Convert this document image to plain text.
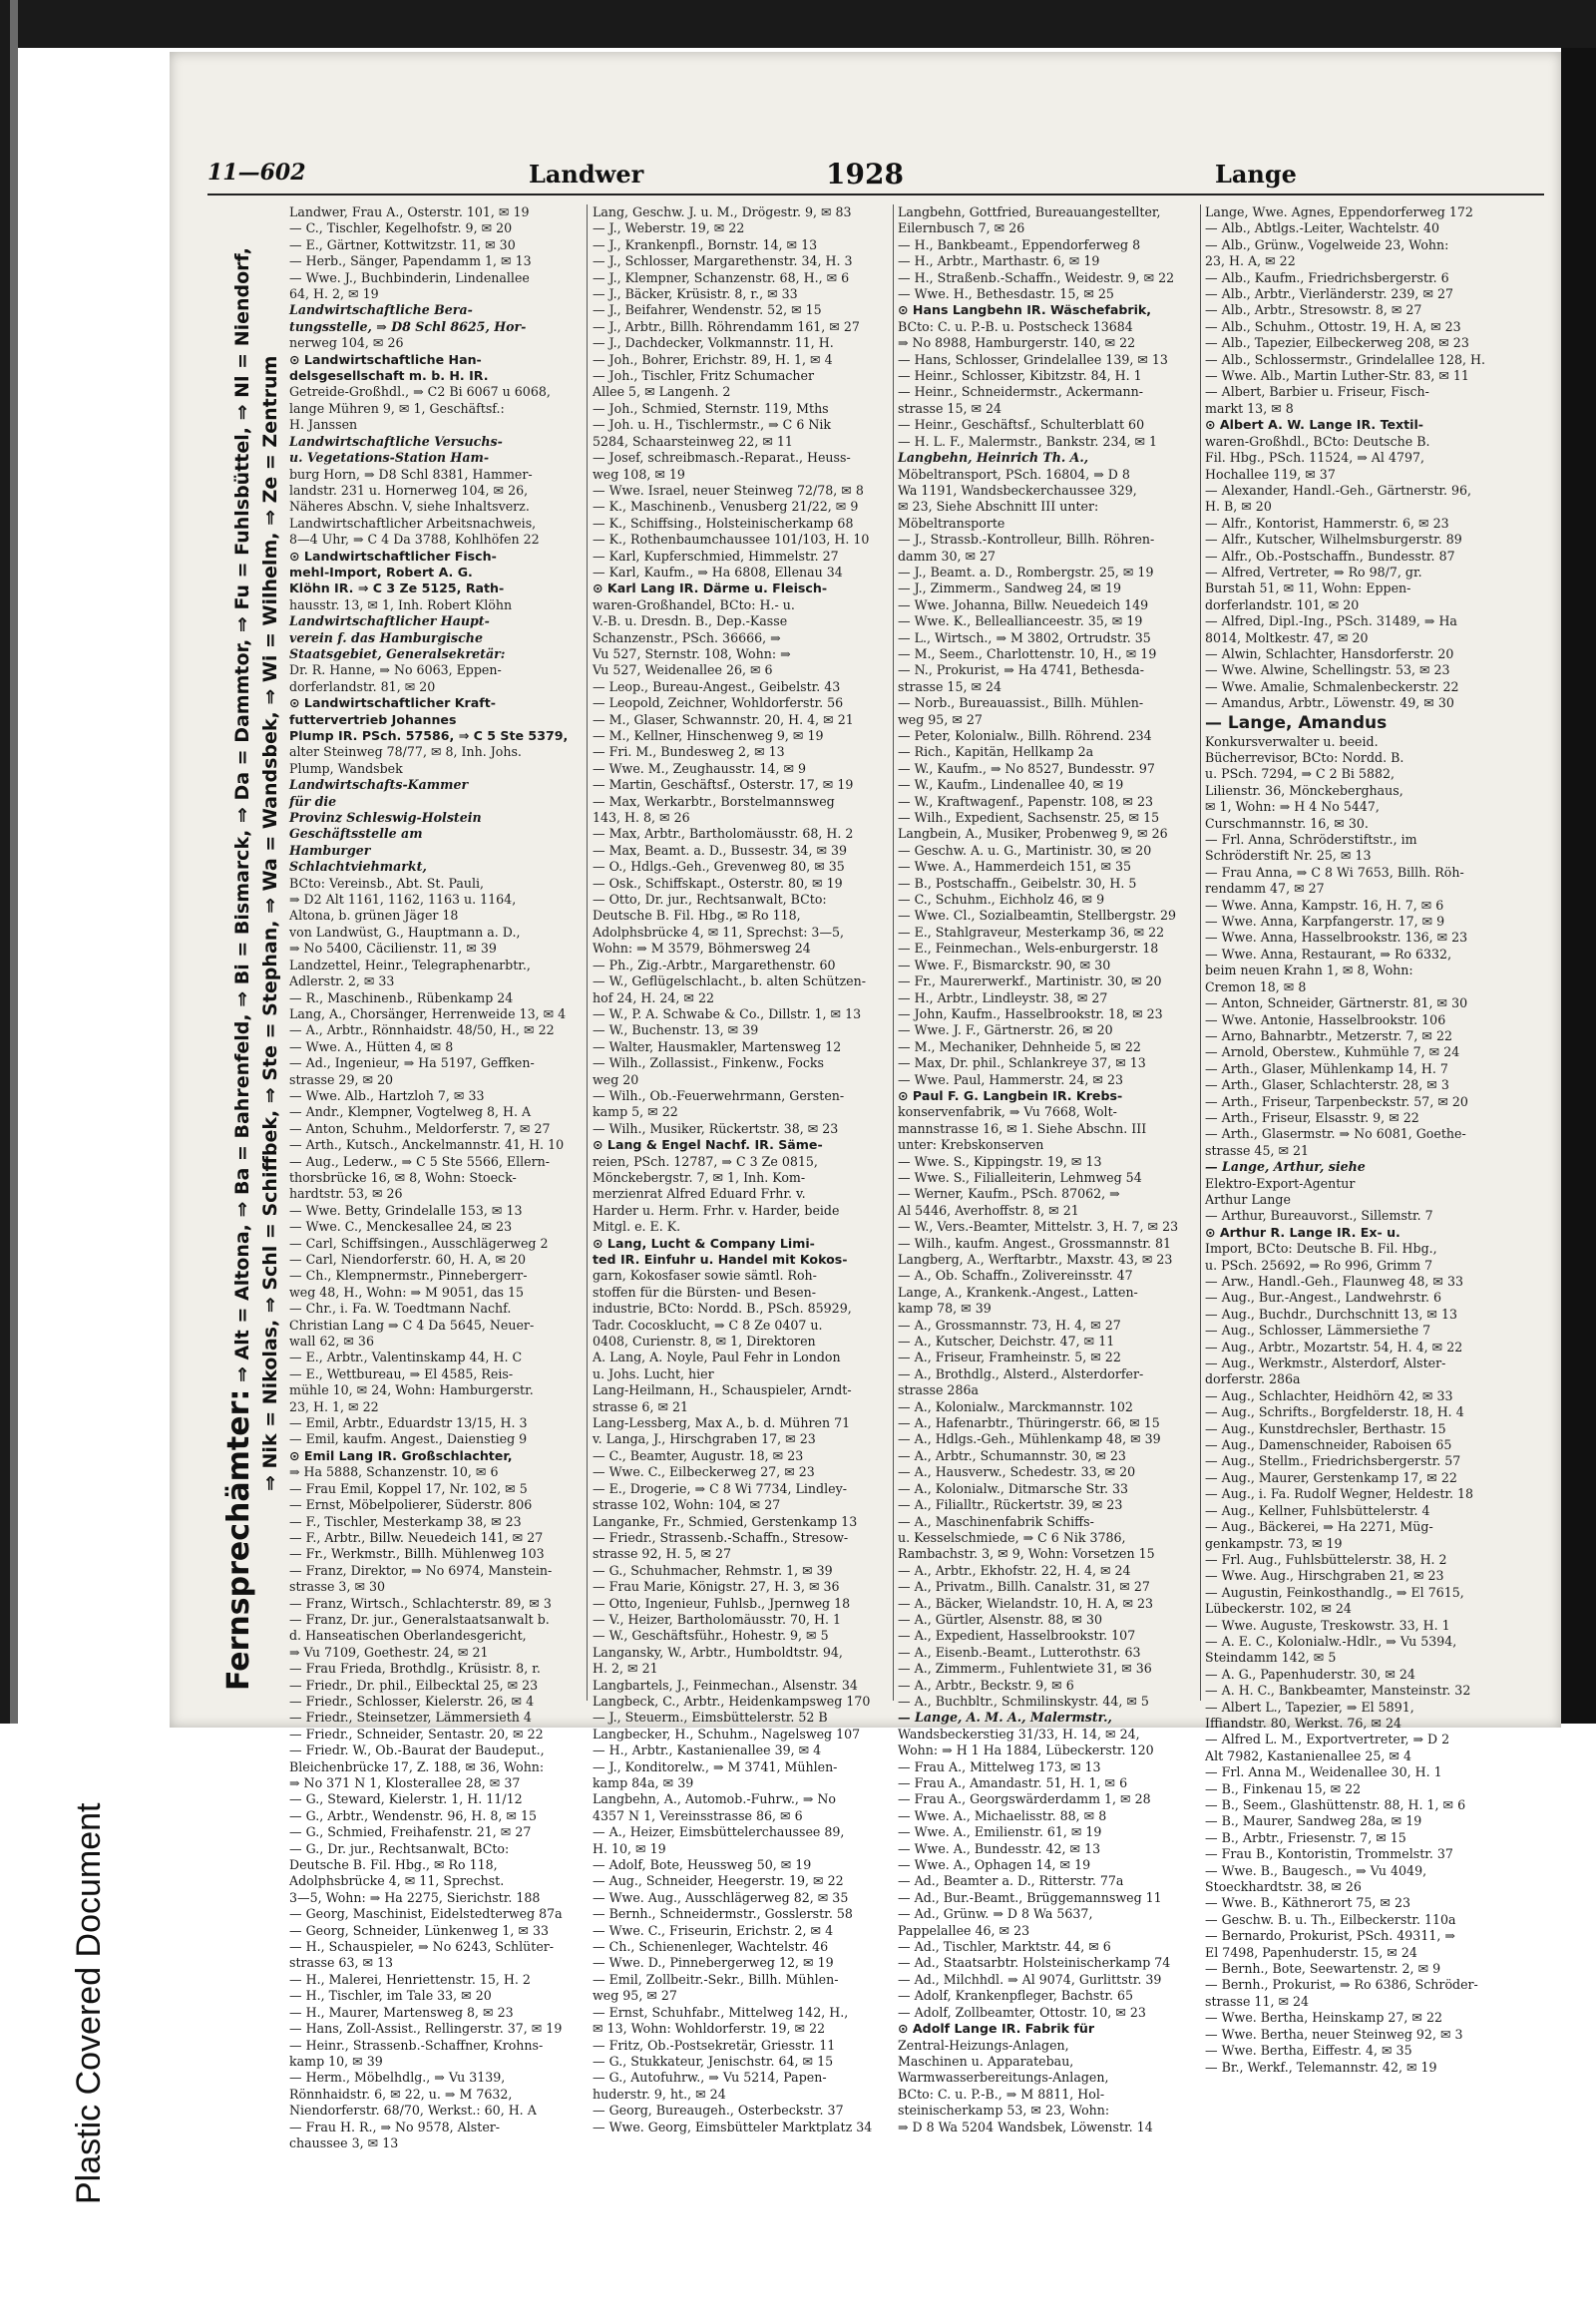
Plastic Covered Document
11—602	Landwer	1928	Lange
Fernsprechämter: ⇒ Alt = Altona, ⇒ Ba = Bahrenfeld, ⇒ Bi = Bismarck, ⇒ Da = Dammtor, ⇒ Fu = Fuhlsbüttel, ⇒ Nl = Niendorf, ⇒ Nik = Nikolas, ⇒ Schl = Schiffbek, ⇒ Ste = Stephan, ⇒ Wa = Wandsbek, ⇒ Wi = Wilhelm, ⇒ Ze = Zentrum
Landwer, Frau A., Osterstr. 101, ✉ 19
— C., Tischler, Kegelhofstr. 9, ✉ 20
— E., Gärtner, Kottwitzstr. 11, ✉ 30
— Herb., Sänger, Papendamm 1, ✉ 13
— Wwe. J., Buchbinderin, Lindenallee
64, H. 2, ✉ 19
Landwirtschaftliche Bera-
tungsstelle, ⇒ D8 Schl 8625, Hor-
nerweg 104, ✉ 26
⊙ Landwirtschaftliche Han-
delsgesellschaft m. b. H. IR.
Getreide-Großhdl., ⇒ C2 Bi 6067 u 6068,
lange Mühren 9, ✉ 1, Geschäftsf.:
H. Janssen
Landwirtschaftliche Versuchs-
u. Vegetations-Station Ham-
burg Horn, ⇒ D8 Schl 8381, Hammer-
landstr. 231 u. Hornerweg 104, ✉ 26,
Näheres Abschn. V, siehe Inhaltsverz.
Landwirtschaftlicher Arbeitsnachweis,
8—4 Uhr, ⇒ C 4 Da 3788, Kohlhöfen 22
⊙ Landwirtschaftlicher Fisch-
mehl-Import, Robert A. G.
Klöhn IR. ⇒ C 3 Ze 5125, Rath-
hausstr. 13, ✉ 1, Inh. Robert Klöhn
Landwirtschaftlicher Haupt-
verein f. das Hamburgische
Staatsgebiet, Generalsekretär:
Dr. R. Hanne, ⇒ No 6063, Eppen-
dorferlandstr. 81, ✉ 20
⊙ Landwirtschaftlicher Kraft-
futtervertrieb Johannes
Plump IR. PSch. 57586, ⇒ C 5 Ste 5379,
alter Steinweg 78/77, ✉ 8, Inh. Johs.
Plump, Wandsbek
Landwirtschafts-Kammer
für die
Provinz Schleswig-Holstein
Geschäftsstelle am
Hamburger
Schlachtviehmarkt,
BCto: Vereinsb., Abt. St. Pauli,
⇒ D2 Alt 1161, 1162, 1163 u. 1164,
Altona, b. grünen Jäger 18
von Landwüst, G., Hauptmann a. D.,
⇒ No 5400, Cäcilienstr. 11, ✉ 39
Landzettel, Heinr., Telegraphenarbtr.,
Adlerstr. 2, ✉ 33
— R., Maschinenb., Rübenkamp 24
Lang, A., Chorsänger, Herrenweide 13, ✉ 4
— A., Arbtr., Rönnhaidstr. 48/50, H., ✉ 22
— Wwe. A., Hütten 4, ✉ 8
— Ad., Ingenieur, ⇒ Ha 5197, Geffken-
strasse 29, ✉ 20
— Wwe. Alb., Hartzloh 7, ✉ 33
— Andr., Klempner, Vogtelweg 8, H. A
— Anton, Schuhm., Meldorferstr. 7, ✉ 27
— Arth., Kutsch., Anckelmannstr. 41, H. 10
— Aug., Lederw., ⇒ C 5 Ste 5566, Ellern-
thorsbrücke 16, ✉ 8, Wohn: Stoeck-
hardtstr. 53, ✉ 26
— Wwe. Betty, Grindelalle 153, ✉ 13
— Wwe. C., Menckesallee 24, ✉ 23
— Carl, Schiffsingen., Ausschlägerweg 2
— Carl, Niendorferstr. 60, H. A, ✉ 20
— Ch., Klempnermstr., Pinnebergerr-
weg 48, H., Wohn: ⇒ M 9051, das 15
— Chr., i. Fa. W. Toedtmann Nachf.
Christian Lang ⇒ C 4 Da 5645, Neuer-
wall 62, ✉ 36
— E., Arbtr., Valentinskamp 44, H. C
— E., Wettbureau, ⇒ El 4585, Reis-
mühle 10, ✉ 24, Wohn: Hamburgerstr.
23, H. 1, ✉ 22
— Emil, Arbtr., Eduardstr 13/15, H. 3
— Emil, kaufm. Angest., Daienstieg 9
⊙ Emil Lang IR. Großschlachter,
⇒ Ha 5888, Schanzenstr. 10, ✉ 6
— Frau Emil, Koppel 17, Nr. 102, ✉ 5
— Ernst, Möbelpolierer, Süderstr. 806
— F., Tischler, Mesterkamp 38, ✉ 23
— F., Arbtr., Billw. Neuedeich 141, ✉ 27
— Fr., Werkmstr., Billh. Mühlenweg 103
— Franz, Direktor, ⇒ No 6974, Manstein-
strasse 3, ✉ 30
— Franz, Wirtsch., Schlachterstr. 89, ✉ 3
— Franz, Dr. jur., Generalstaatsanwalt b.
d. Hanseatischen Oberlandesgericht,
⇒ Vu 7109, Goethestr. 24, ✉ 21
— Frau Frieda, Brothdlg., Krüsistr. 8, r.
— Friedr., Dr. phil., Eilbecktal 25, ✉ 23
— Friedr., Schlosser, Kielerstr. 26, ✉ 4
— Friedr., Steinsetzer, Lämmersieth 4
— Friedr., Schneider, Sentastr. 20, ✉ 22
— Friedr. W., Ob.-Baurat der Baudeput.,
Bleichenbrücke 17, Z. 188, ✉ 36, Wohn:
⇒ No 371 N 1, Klosterallee 28, ✉ 37
— G., Steward, Kielerstr. 1, H. 11/12
— G., Arbtr., Wendenstr. 96, H. 8, ✉ 15
— G., Schmied, Freihafenstr. 21, ✉ 27
— G., Dr. jur., Rechtsanwalt, BCto:
Deutsche B. Fil. Hbg., ✉ Ro 118,
Adolphsbrücke 4, ✉ 11, Sprechst.
3—5, Wohn: ⇒ Ha 2275, Sierichstr. 188
— Georg, Maschinist, Eidelstedterweg 87a
— Georg, Schneider, Lünkenweg 1, ✉ 33
— H., Schauspieler, ⇒ No 6243, Schlüter-
strasse 63, ✉ 13
— H., Malerei, Henriettenstr. 15, H. 2
— H., Tischler, im Tale 33, ✉ 20
— H., Maurer, Martensweg 8, ✉ 23
— Hans, Zoll-Assist., Rellingerstr. 37, ✉ 19
— Heinr., Strassenb.-Schaffner, Krohns-
kamp 10, ✉ 39
— Herm., Möbelhdlg., ⇒ Vu 3139,
Rönnhaidstr. 6, ✉ 22, u. ⇒ M 7632,
Niendorferstr. 68/70, Werkst.: 60, H. A
— Frau H. R., ⇒ No 9578, Alster-
chaussee 3, ✉ 13
Lang, Geschw. J. u. M., Drögestr. 9, ✉ 83
— J., Weberstr. 19, ✉ 22
— J., Krankenpfl., Bornstr. 14, ✉ 13
— J., Schlosser, Margarethenstr. 34, H. 3
— J., Klempner, Schanzenstr. 68, H., ✉ 6
— J., Bäcker, Krüsistr. 8, r., ✉ 33
— J., Beifahrer, Wendenstr. 52, ✉ 15
— J., Arbtr., Billh. Röhrendamm 161, ✉ 27
— J., Dachdecker, Volkmannstr. 11, H.
— Joh., Bohrer, Erichstr. 89, H. 1, ✉ 4
— Joh., Tischler, Fritz Schumacher
Allee 5, ✉ Langenh. 2
— Joh., Schmied, Sternstr. 119, Mths
— Joh. u. H., Tischlermstr., ⇒ C 6 Nik
5284, Schaarsteinweg 22, ✉ 11
— Josef, schreibmasch.-Reparat., Heuss-
weg 108, ✉ 19
— Wwe. Israel, neuer Steinweg 72/78, ✉ 8
— K., Maschinenb., Venusberg 21/22, ✉ 9
— K., Schiffsing., Holsteinischerkamp 68
— K., Rothenbaumchaussee 101/103, H. 10
— Karl, Kupferschmied, Himmelstr. 27
— Karl, Kaufm., ⇒ Ha 6808, Ellenau 34
⊙ Karl Lang IR. Därme u. Fleisch-
waren-Großhandel, BCto: H.- u.
V.-B. u. Dresdn. B., Dep.-Kasse
Schanzenstr., PSch. 36666, ⇒
Vu 527, Sternstr. 108, Wohn: ⇒
Vu 527, Weidenallee 26, ✉ 6
— Leop., Bureau-Angest., Geibelstr. 43
— Leopold, Zeichner, Wohldorferstr. 56
— M., Glaser, Schwannstr. 20, H. 4, ✉ 21
— M., Kellner, Hinschenweg 9, ✉ 19
— Fri. M., Bundesweg 2, ✉ 13
— Wwe. M., Zeughausstr. 14, ✉ 9
— Martin, Geschäftsf., Osterstr. 17, ✉ 19
— Max, Werkarbtr., Borstelmannsweg
143, H. 8, ✉ 26
— Max, Arbtr., Bartholomäusstr. 68, H. 2
— Max, Beamt. a. D., Bussestr. 34, ✉ 39
— O., Hdlgs.-Geh., Grevenweg 80, ✉ 35
— Osk., Schiffskapt., Osterstr. 80, ✉ 19
— Otto, Dr. jur., Rechtsanwalt, BCto:
Deutsche B. Fil. Hbg., ✉ Ro 118,
Adolphsbrücke 4, ✉ 11, Sprechst: 3—5,
Wohn: ⇒ M 3579, Böhmersweg 24
— Ph., Zig.-Arbtr., Margarethenstr. 60
— W., Geflügelschlacht., b. alten Schützen-
hof 24, H. 24, ✉ 22
— W., P. A. Schwabe & Co., Dillstr. 1, ✉ 13
— W., Buchenstr. 13, ✉ 39
— Walter, Hausmakler, Martensweg 12
— Wilh., Zollassist., Finkenw., Focks
weg 20
— Wilh., Ob.-Feuerwehrmann, Gersten-
kamp 5, ✉ 22
— Wilh., Musiker, Rückertstr. 38, ✉ 23
⊙ Lang & Engel Nachf. IR. Säme-
reien, PSch. 12787, ⇒ C 3 Ze 0815,
Mönckebergstr. 7, ✉ 1, Inh. Kom-
merzienrat Alfred Eduard Frhr. v.
Harder u. Herm. Frhr. v. Harder, beide
Mitgl. e. E. K.
⊙ Lang, Lucht & Company Limi-
ted IR. Einfuhr u. Handel mit Kokos-
garn, Kokosfaser sowie sämtl. Roh-
stoffen für die Bürsten- und Besen-
industrie, BCto: Nordd. B., PSch. 85929,
Tadr. Cocosklucht, ⇒ C 8 Ze 0407 u.
0408, Curienstr. 8, ✉ 1, Direktoren
A. Lang, A. Noyle, Paul Fehr in London
u. Johs. Lucht, hier
Lang-Heilmann, H., Schauspieler, Arndt-
strasse 6, ✉ 21
Lang-Lessberg, Max A., b. d. Mühren 71
v. Langa, J., Hirschgraben 17, ✉ 23
— C., Beamter, Augustr. 18, ✉ 23
— Wwe. C., Eilbeckerweg 27, ✉ 23
— E., Drogerie, ⇒ C 8 Wi 7734, Lindley-
strasse 102, Wohn: 104, ✉ 27
Langanke, Fr., Schmied, Gerstenkamp 13
— Friedr., Strassenb.-Schaffn., Stresow-
strasse 92, H. 5, ✉ 27
— G., Schuhmacher, Rehmstr. 1, ✉ 39
— Frau Marie, Königstr. 27, H. 3, ✉ 36
— Otto, Ingenieur, Fuhlsb., Jpernweg 18
— V., Heizer, Bartholomäusstr. 70, H. 1
— W., Geschäftsführ., Hohestr. 9, ✉ 5
Langansky, W., Arbtr., Humboldtstr. 94,
H. 2, ✉ 21
Langbartels, J., Feinmechan., Alsenstr. 34
Langbeck, C., Arbtr., Heidenkampsweg 170
— J., Steuerm., Eimsbüttelerstr. 52 B
Langbecker, H., Schuhm., Nagelsweg 107
— H., Arbtr., Kastanienallee 39, ✉ 4
— J., Konditorelw., ⇒ M 3741, Mühlen-
kamp 84a, ✉ 39
Langbehn, A., Automob.-Fuhrw., ⇒ No
4357 N 1, Vereinsstrasse 86, ✉ 6
— A., Heizer, Eimsbüttelerchaussee 89,
H. 10, ✉ 19
— Adolf, Bote, Heussweg 50, ✉ 19
— Aug., Schneider, Heegerstr. 19, ✉ 22
— Wwe. Aug., Ausschlägerweg 82, ✉ 35
— Bernh., Schneidermstr., Gosslerstr. 58
— Wwe. C., Friseurin, Erichstr. 2, ✉ 4
— Ch., Schienenleger, Wachtelstr. 46
— Wwe. D., Pinnebergerweg 12, ✉ 19
— Emil, Zollbeitr.-Sekr., Billh. Mühlen-
weg 95, ✉ 27
— Ernst, Schuhfabr., Mittelweg 142, H.,
✉ 13, Wohn: Wohldorferstr. 19, ✉ 22
— Fritz, Ob.-Postsekretär, Griesstr. 11
— G., Stukkateur, Jenischstr. 64, ✉ 15
— G., Autofuhrw., ⇒ Vu 5214, Papen-
huderstr. 9, ht., ✉ 24
— Georg, Bureaugeh., Osterbeckstr. 37
— Wwe. Georg, Eimsbütteler Marktplatz 34
Langbehn, Gottfried, Bureauangestellter,
Eilernbusch 7, ✉ 26
— H., Bankbeamt., Eppendorferweg 8
— H., Arbtr., Marthastr. 6, ✉ 19
— H., Straßenb.-Schaffn., Weidestr. 9, ✉ 22
— Wwe. H., Bethesdastr. 15, ✉ 25
⊙ Hans Langbehn IR. Wäschefabrik,
BCto: C. u. P.-B. u. Postscheck 13684
⇒ No 8988, Hamburgerstr. 140, ✉ 22
— Hans, Schlosser, Grindelallee 139, ✉ 13
— Heinr., Schlosser, Kibitzstr. 84, H. 1
— Heinr., Schneidermstr., Ackermann-
strasse 15, ✉ 24
— Heinr., Geschäftsf., Schulterblatt 60
— H. L. F., Malermstr., Bankstr. 234, ✉ 1
Langbehn, Heinrich Th. A.,
Möbeltransport, PSch. 16804, ⇒ D 8
Wa 1191, Wandsbeckerchaussee 329,
✉ 23, Siehe Abschnitt III unter:
Möbeltransporte
— J., Strassb.-Kontrolleur, Billh. Röhren-
damm 30, ✉ 27
— J., Beamt. a. D., Rombergstr. 25, ✉ 19
— J., Zimmerm., Sandweg 24, ✉ 19
— Wwe. Johanna, Billw. Neuedeich 149
— Wwe. K., Belleallianceestr. 35, ✉ 19
— L., Wirtsch., ⇒ M 3802, Ortrudstr. 35
— M., Seem., Charlottenstr. 10, H., ✉ 19
— N., Prokurist, ⇒ Ha 4741, Bethesda-
strasse 15, ✉ 24
— Norb., Bureauassist., Billh. Mühlen-
weg 95, ✉ 27
— Peter, Kolonialw., Billh. Röhrend. 234
— Rich., Kapitän, Hellkamp 2a
— W., Kaufm., ⇒ No 8527, Bundesstr. 97
— W., Kaufm., Lindenallee 40, ✉ 19
— W., Kraftwagenf., Papenstr. 108, ✉ 23
— Wilh., Expedient, Sachsenstr. 25, ✉ 15
Langbein, A., Musiker, Probenweg 9, ✉ 26
— Geschw. A. u. G., Martinistr. 30, ✉ 20
— Wwe. A., Hammerdeich 151, ✉ 35
— B., Postschaffn., Geibelstr. 30, H. 5
— C., Schuhm., Eichholz 46, ✉ 9
— Wwe. Cl., Sozialbeamtin, Stellbergstr. 29
— E., Stahlgraveur, Mesterkamp 36, ✉ 22
— E., Feinmechan., Wels-enburgerstr. 18
— Wwe. F., Bismarckstr. 90, ✉ 30
— Fr., Maurerwerkf., Martinistr. 30, ✉ 20
— H., Arbtr., Lindleystr. 38, ✉ 27
— John, Kaufm., Hasselbrookstr. 18, ✉ 23
— Wwe. J. F., Gärtnerstr. 26, ✉ 20
— M., Mechaniker, Dehnheide 5, ✉ 22
— Max, Dr. phil., Schlankreye 37, ✉ 13
— Wwe. Paul, Hammerstr. 24, ✉ 23
⊙ Paul F. G. Langbein IR. Krebs-
konservenfabrik, ⇒ Vu 7668, Wolt-
mannstrasse 16, ✉ 1. Siehe Abschn. III
unter: Krebskonserven
— Wwe. S., Kippingstr. 19, ✉ 13
— Wwe. S., Filialleiterin, Lehmweg 54
— Werner, Kaufm., PSch. 87062, ⇒
Al 5446, Averhoffstr. 8, ✉ 21
— W., Vers.-Beamter, Mittelstr. 3, H. 7, ✉ 23
— Wilh., kaufm. Angest., Grossmannstr. 81
Langberg, A., Werftarbtr., Maxstr. 43, ✉ 23
— A., Ob. Schaffn., Zolivereinsstr. 47
Lange, A., Krankenk.-Angest., Latten-
kamp 78, ✉ 39
— A., Grossmannstr. 73, H. 4, ✉ 27
— A., Kutscher, Deichstr. 47, ✉ 11
— A., Friseur, Framheinstr. 5, ✉ 22
— A., Brothdlg., Alsterd., Alsterdorfer-
strasse 286a
— A., Kolonialw., Marckmannstr. 102
— A., Hafenarbtr., Thüringerstr. 66, ✉ 15
— A., Hdlgs.-Geh., Mühlenkamp 48, ✉ 39
— A., Arbtr., Schumannstr. 30, ✉ 23
— A., Hausverw., Schedestr. 33, ✉ 20
— A., Kolonialw., Ditmarsche Str. 33
— A., Filialltr., Rückertstr. 39, ✉ 23
— A., Maschinenfabrik Schiffs-
u. Kesselschmiede, ⇒ C 6 Nik 3786,
Rambachstr. 3, ✉ 9, Wohn: Vorsetzen 15
— A., Arbtr., Ekhofstr. 22, H. 4, ✉ 24
— A., Privatm., Billh. Canalstr. 31, ✉ 27
— A., Bäcker, Wielandstr. 10, H. A, ✉ 23
— A., Gürtler, Alsenstr. 88, ✉ 30
— A., Expedient, Hasselbrookstr. 107
— A., Eisenb.-Beamt., Lutterothstr. 63
— A., Zimmerm., Fuhlentwiete 31, ✉ 36
— A., Arbtr., Beckstr. 9, ✉ 6
— A., Buchbltr., Schmilinskystr. 44, ✉ 5
— Lange, A. M. A., Malermstr.,
Wandsbeckerstieg 31/33, H. 14, ✉ 24,
Wohn: ⇒ H 1 Ha 1884, Lübeckerstr. 120
— Frau A., Mittelweg 173, ✉ 13
— Frau A., Amandastr. 51, H. 1, ✉ 6
— Frau A., Georgswärderdamm 1, ✉ 28
— Wwe. A., Michaelisstr. 88, ✉ 8
— Wwe. A., Emilienstr. 61, ✉ 19
— Wwe. A., Bundesstr. 42, ✉ 13
— Wwe. A., Ophagen 14, ✉ 19
— Ad., Beamter a. D., Ritterstr. 77a
— Ad., Bur.-Beamt., Brüggemannsweg 11
— Ad., Grünw. ⇒ D 8 Wa 5637,
Pappelallee 46, ✉ 23
— Ad., Tischler, Marktstr. 44, ✉ 6
— Ad., Staatsarbtr. Holsteinischerkamp 74
— Ad., Milchhdl. ⇒ Al 9074, Gurlittstr. 39
— Adolf, Krankenpfleger, Bachstr. 65
— Adolf, Zollbeamter, Ottostr. 10, ✉ 23
⊙ Adolf Lange IR. Fabrik für
Zentral-Heizungs-Anlagen,
Maschinen u. Apparatebau,
Warmwasserbereitungs-Anlagen,
BCto: C. u. P.-B., ⇒ M 8811, Hol-
steinischerkamp 53, ✉ 23, Wohn:
⇒ D 8 Wa 5204 Wandsbek, Löwenstr. 14
Lange, Wwe. Agnes, Eppendorferweg 172
— Alb., Abtlgs.-Leiter, Wachtelstr. 40
— Alb., Grünw., Vogelweide 23, Wohn:
23, H. A, ✉ 22
— Alb., Kaufm., Friedrichsbergerstr. 6
— Alb., Arbtr., Vierländerstr. 239, ✉ 27
— Alb., Arbtr., Stresowstr. 8, ✉ 27
— Alb., Schuhm., Ottostr. 19, H. A, ✉ 23
— Alb., Tapezier, Eilbeckerweg 208, ✉ 23
— Alb., Schlossermstr., Grindelallee 128, H.
— Wwe. Alb., Martin Luther-Str. 83, ✉ 11
— Albert, Barbier u. Friseur, Fisch-
markt 13, ✉ 8
⊙ Albert A. W. Lange IR. Textil-
waren-Großhdl., BCto: Deutsche B.
Fil. Hbg., PSch. 11524, ⇒ Al 4797,
Hochallee 119, ✉ 37
— Alexander, Handl.-Geh., Gärtnerstr. 96,
H. B, ✉ 20
— Alfr., Kontorist, Hammerstr. 6, ✉ 23
— Alfr., Kutscher, Wilhelmsburgerstr. 89
— Alfr., Ob.-Postschaffn., Bundesstr. 87
— Alfred, Vertreter, ⇒ Ro 98/7, gr.
Burstah 51, ✉ 11, Wohn: Eppen-
dorferlandstr. 101, ✉ 20
— Alfred, Dipl.-Ing., PSch. 31489, ⇒ Ha
8014, Moltkestr. 47, ✉ 20
— Alwin, Schlachter, Hansdorferstr. 20
— Wwe. Alwine, Schellingstr. 53, ✉ 23
— Wwe. Amalie, Schmalenbeckerstr. 22
— Amandus, Arbtr., Löwenstr. 49, ✉ 30
— Lange, Amandus
Konkursverwalter u. beeid.
Bücherrevisor, BCto: Nordd. B.
u. PSch. 7294, ⇒ C 2 Bi 5882,
Lilienstr. 36, Mönckeberghaus,
✉ 1, Wohn: ⇒ H 4 No 5447,
Curschmannstr. 16, ✉ 30.
— Frl. Anna, Schröderstiftstr., im
Schröderstift Nr. 25, ✉ 13
— Frau Anna, ⇒ C 8 Wi 7653, Billh. Röh-
rendamm 47, ✉ 27
— Wwe. Anna, Kampstr. 16, H. 7, ✉ 6
— Wwe. Anna, Karpfangerstr. 17, ✉ 9
— Wwe. Anna, Hasselbrookstr. 136, ✉ 23
— Wwe. Anna, Restaurant, ⇒ Ro 6332,
beim neuen Krahn 1, ✉ 8, Wohn:
Cremon 18, ✉ 8
— Anton, Schneider, Gärtnerstr. 81, ✉ 30
— Wwe. Antonie, Hasselbrookstr. 106
— Arno, Bahnarbtr., Metzerstr. 7, ✉ 22
— Arnold, Oberstew., Kuhmühle 7, ✉ 24
— Arth., Glaser, Mühlenkamp 14, H. 7
— Arth., Glaser, Schlachterstr. 28, ✉ 3
— Arth., Friseur, Tarpenbeckstr. 57, ✉ 20
— Arth., Friseur, Elsasstr. 9, ✉ 22
— Arth., Glasermstr. ⇒ No 6081, Goethe-
strasse 45, ✉ 21
— Lange, Arthur, siehe
Elektro-Export-Agentur
Arthur Lange
— Arthur, Bureauvorst., Sillemstr. 7
⊙ Arthur R. Lange IR. Ex- u.
Import, BCto: Deutsche B. Fil. Hbg.,
u. PSch. 25692, ⇒ Ro 996, Grimm 7
— Arw., Handl.-Geh., Flaunweg 48, ✉ 33
— Aug., Bur.-Angest., Landwehrstr. 6
— Aug., Buchdr., Durchschnitt 13, ✉ 13
— Aug., Schlosser, Lämmersiethe 7
— Aug., Arbtr., Mozartstr. 54, H. 4, ✉ 22
— Aug., Werkmstr., Alsterdorf, Alster-
dorferstr. 286a
— Aug., Schlachter, Heidhörn 42, ✉ 33
— Aug., Schrifts., Borgfelderstr. 18, H. 4
— Aug., Kunstdrechsler, Berthastr. 15
— Aug., Damenschneider, Raboisen 65
— Aug., Stellm., Friedrichsbergerstr. 57
— Aug., Maurer, Gerstenkamp 17, ✉ 22
— Aug., i. Fa. Rudolf Wegner, Heldestr. 18
— Aug., Kellner, Fuhlsbüttelerstr. 4
— Aug., Bäckerei, ⇒ Ha 2271, Müg-
genkampstr. 73, ✉ 19
— Frl. Aug., Fuhlsbüttelerstr. 38, H. 2
— Wwe. Aug., Hirschgraben 21, ✉ 23
— Augustin, Feinkosthandlg., ⇒ El 7615,
Lübeckerstr. 102, ✉ 24
— Wwe. Auguste, Treskowstr. 33, H. 1
— A. E. C., Kolonialw.-Hdlr., ⇒ Vu 5394,
Steindamm 142, ✉ 5
— A. G., Papenhuderstr. 30, ✉ 24
— A. H. C., Bankbeamter, Mansteinstr. 32
— Albert L., Tapezier, ⇒ El 5891,
Iffiandstr. 80, Werkst. 76, ✉ 24
— Alfred L. M., Exportvertreter, ⇒ D 2
Alt 7982, Kastanienallee 25, ✉ 4
— Frl. Anna M., Weidenallee 30, H. 1
— B., Finkenau 15, ✉ 22
— B., Seem., Glashüttenstr. 88, H. 1, ✉ 6
— B., Maurer, Sandweg 28a, ✉ 19
— B., Arbtr., Friesenstr. 7, ✉ 15
— Frau B., Kontoristin, Trommelstr. 37
— Wwe. B., Baugesch., ⇒ Vu 4049,
Stoeckhardtstr. 38, ✉ 26
— Wwe. B., Käthnerort 75, ✉ 23
— Geschw. B. u. Th., Eilbeckerstr. 110a
— Bernardo, Prokurist, PSch. 49311, ⇒
El 7498, Papenhuderstr. 15, ✉ 24
— Bernh., Bote, Seewartenstr. 2, ✉ 9
— Bernh., Prokurist, ⇒ Ro 6386, Schröder-
strasse 11, ✉ 24
— Wwe. Bertha, Heinskamp 27, ✉ 22
— Wwe. Bertha, neuer Steinweg 92, ✉ 3
— Wwe. Bertha, Eiffestr. 4, ✉ 35
— Br., Werkf., Telemannstr. 42, ✉ 19
